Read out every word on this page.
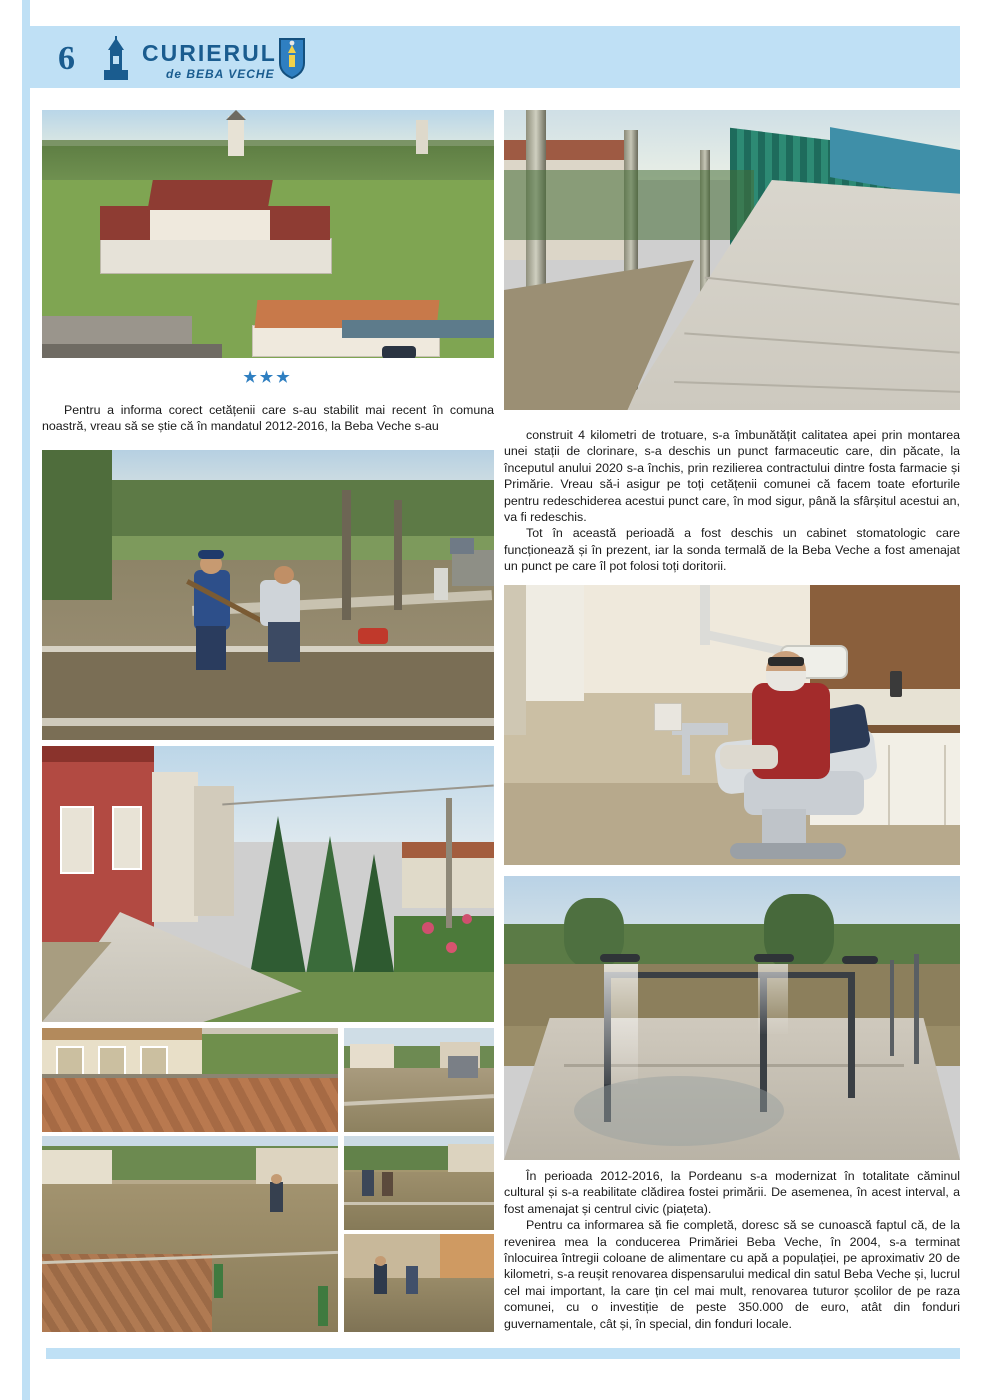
6	CURIERUL
de BEBA VECHE
★★★

Pentru a informa corect cetățenii care s-au stabilit mai recent în comuna noastră, vreau să se știe că în mandatul 2012-2016, la Beba Veche s-au

construit 4 kilometri de trotuare, s-a îmbunătățit calitatea apei prin montarea unei stații de clorinare, s-a deschis un punct farmaceutic care, din păcate, la începutul anului 2020 s-a închis, prin rezilierea contractului dintre fosta farmacie și Primărie. Vreau să-i asigur pe toți cetățenii comunei că facem toate eforturile pentru redeschiderea acestui punct care, în mod sigur, până la sfârșitul acestui an, va fi redeschis.

Tot în această perioadă a fost deschis un cabinet stomatologic care funcționează și în prezent, iar la sonda termală de la Beba Veche a fost amenajat un punct pe care îl pot folosi toți doritorii.

În perioada 2012-2016, la Pordeanu s-a modernizat în totalitate căminul cultural și s-a reabilitate clădirea fostei primării. De asemenea, în acest interval, a fost amenajat și centrul civic (piațeta).

Pentru ca informarea să fie completă, doresc să se cunoască faptul că, de la revenirea mea la conducerea Primăriei Beba Veche, în 2004, s-a terminat înlocuirea întregii coloane de alimentare cu apă a populației, pe aproximativ 20 de kilometri, s-a reușit renovarea dispensarului medical din satul Beba Veche și, lucrul cel mai important, la care țin cel mai mult, renovarea tuturor școlilor de pe raza comunei, cu o investiție de peste 350.000 de euro, atât din fonduri guvernamentale, cât și, în special, din fonduri locale.
